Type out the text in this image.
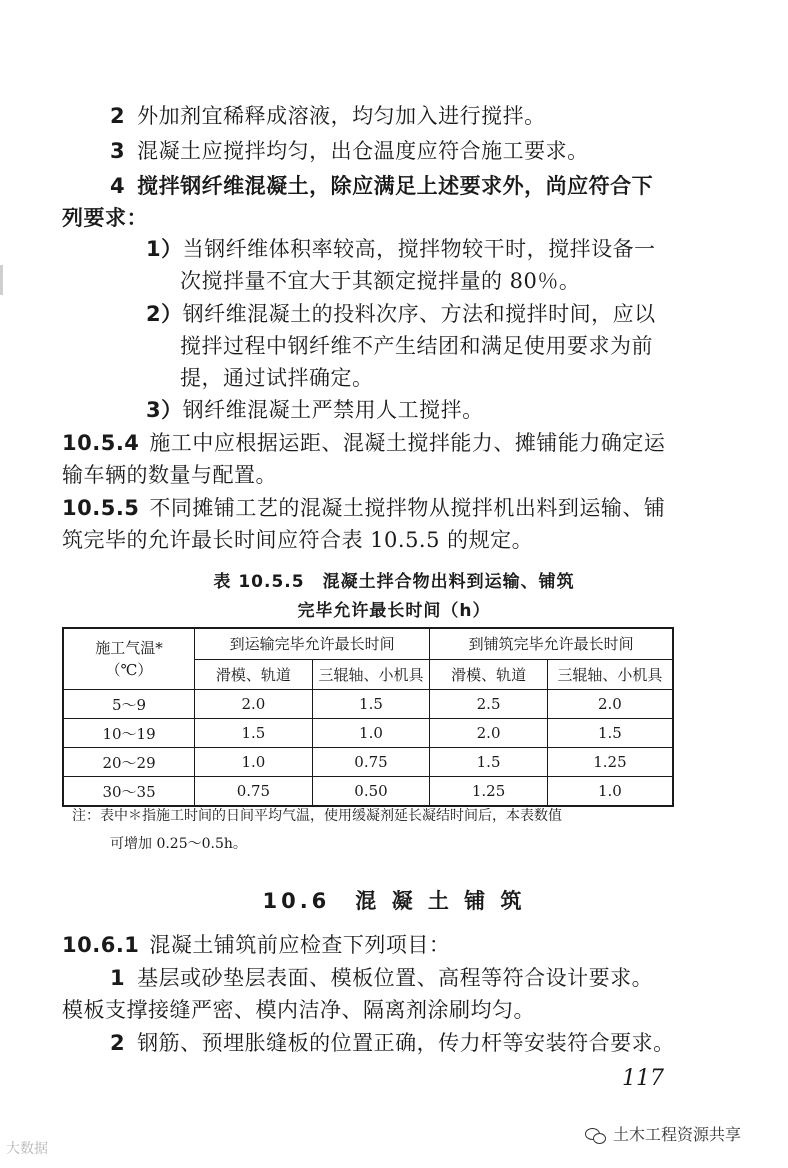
2 外加剂宜稀释成溶液，均匀加入进行搅拌。
3 混凝土应搅拌均匀，出仓温度应符合施工要求。
4 搅拌钢纤维混凝土，除应满足上述要求外，尚应符合下
列要求：
1）当钢纤维体积率较高，搅拌物较干时，搅拌设备一
次搅拌量不宜大于其额定搅拌量的 80％。
2）钢纤维混凝土的投料次序、方法和搅拌时间，应以
搅拌过程中钢纤维不产生结团和满足使用要求为前
提，通过试拌确定。
3）钢纤维混凝土严禁用人工搅拌。
10.5.4 施工中应根据运距、混凝土搅拌能力、摊铺能力确定运
输车辆的数量与配置。
10.5.5 不同摊铺工艺的混凝土搅拌物从搅拌机出料到运输、铺
筑完毕的允许最长时间应符合表 10.5.5 的规定。
表 10.5.5　混凝土拌合物出料到运输、铺筑
完毕允许最长时间（h）
施工气温*
（℃）	到运输完毕允许最长时间		到铺筑完毕允许最长时间	
	滑模、轨道	三辊轴、小机具	滑模、轨道	三辊轴、小机具
5～9	2.0	1.5	2.5	2.0
10～19	1.5	1.0	2.0	1.5
20～29	1.0	0.75	1.5	1.25
30～35	0.75	0.50	1.25	1.0
注：表中＊指施工时间的日间平均气温，使用缓凝剂延长凝结时间后，本表数值
可增加 0.25～0.5h。
10.6　混 凝 土 铺 筑
10.6.1 混凝土铺筑前应检查下列项目：
1 基层或砂垫层表面、模板位置、高程等符合设计要求。
模板支撑接缝严密、模内洁净、隔离剂涂刷均匀。
2 钢筋、预埋胀缝板的位置正确，传力杆等安装符合要求。
117
大数据
土木工程资源共享
